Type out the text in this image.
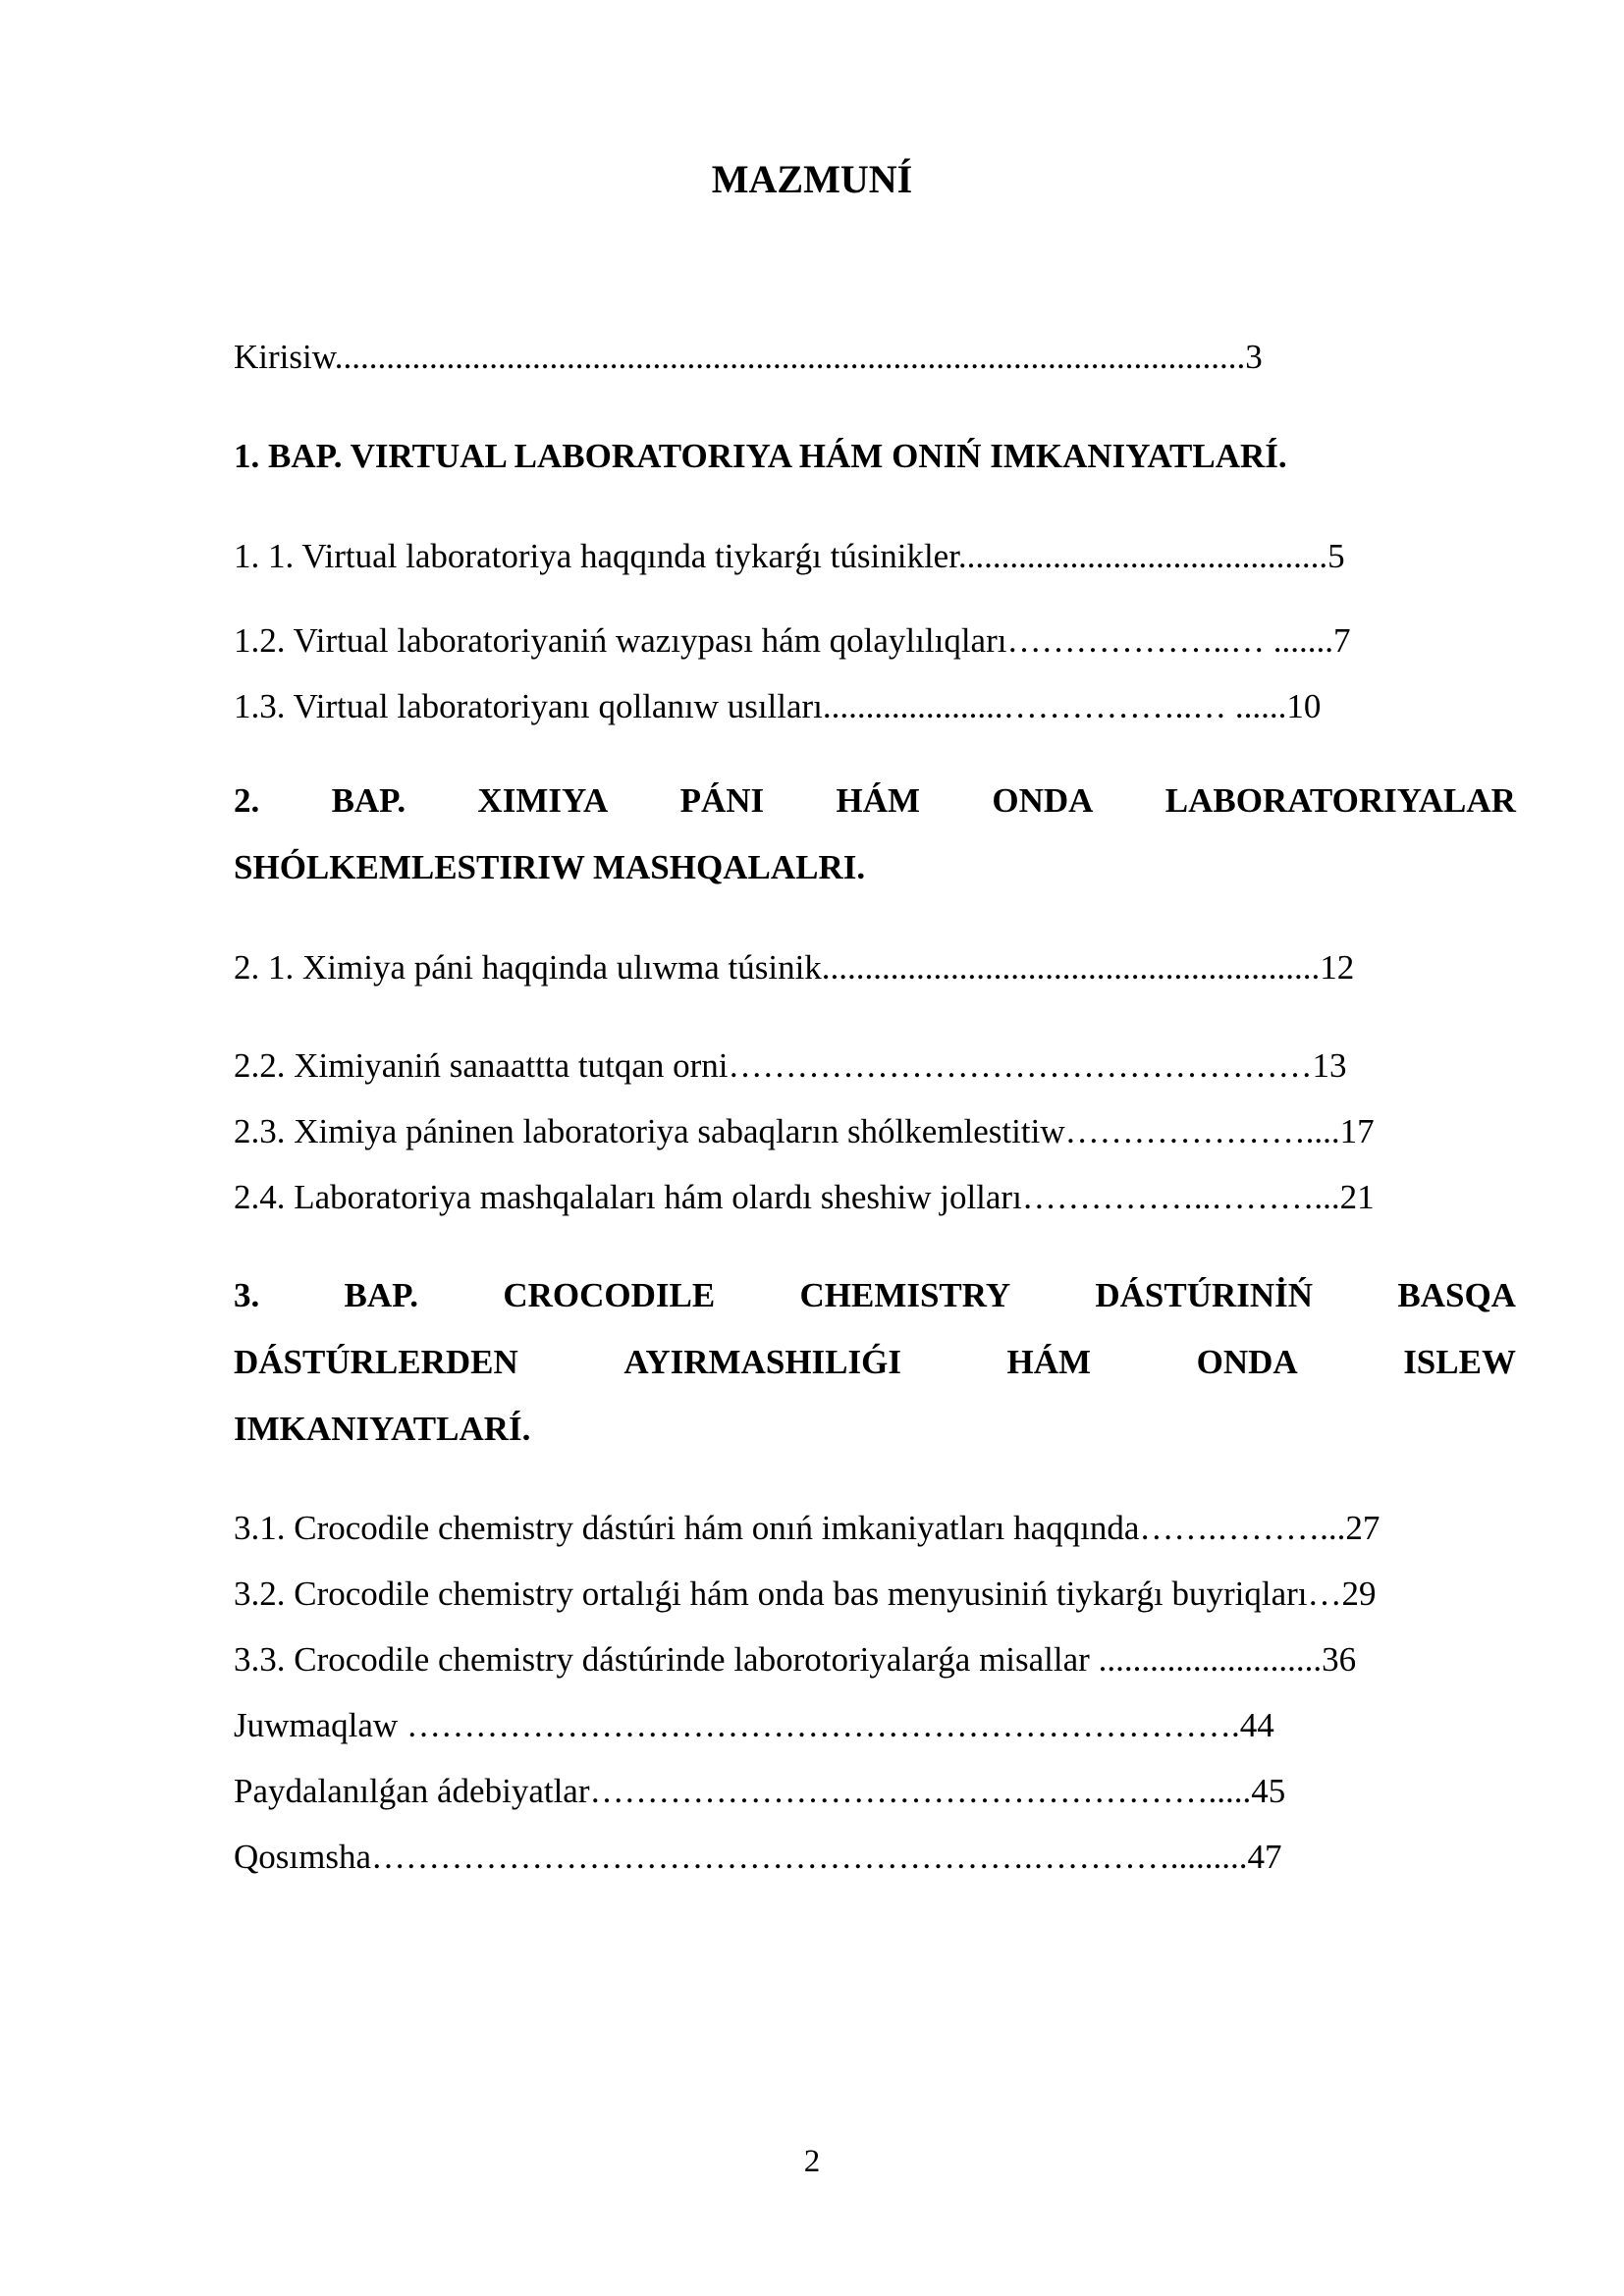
MAZMUNÍ
Kirisiw..........................................................................................................3
1. BAP. VIRTUAL LABORATORIYA HÁM ONIŃ IMKANIYATLARÍ.
1. 1. Virtual laboratoriya haqqında tiykarǵı túsinikler...........................................5
1.2. Virtual laboratoriyaniń wazıypası hám qolaylılıqları………………..… .......7
1.3. Virtual laboratoriyanı qollanıw usılları.....................……………..… ......10
2. BAP. XIMIYA PÁNI HÁM ONDA LABORATORIYALAR
SHÓLKEMLESTIRIW MASHQALALRI.
2. 1. Ximiya páni haqqinda ulıwma túsinik..........................................................12
2.2. Ximiyaniń sanaattta tutqan orni……………………………………………13
2.3. Ximiya páninen laboratoriya sabaqların shólkemlestitiw…………………....17
2.4. Laboratoriya mashqalaları hám olardı sheshiw jolları……………..………...21
3. BAP. CROCODILE CHEMISTRY DÁSTÚRINİŃ BASQA
DÁSTÚRLERDEN	AYIRMASHILIǴI	HÁM	ONDA	ISLEW
IMKANIYATLARÍ.
3.1. Crocodile chemistry dástúri hám onıń imkaniyatları haqqında…….………...27
3.2. Crocodile chemistry ortalıǵi hám onda bas menyusiniń tiykarǵı buyriqları…29
3.3. Crocodile chemistry dástúrinde laborotoriyalarǵa misallar ..........................36
Juwmaqlaw ……………………………………………………………….44
Paydalanılǵan ádebiyatlar……………………………………………….....45
Qosımsha………………………………………………….………….........47
2
